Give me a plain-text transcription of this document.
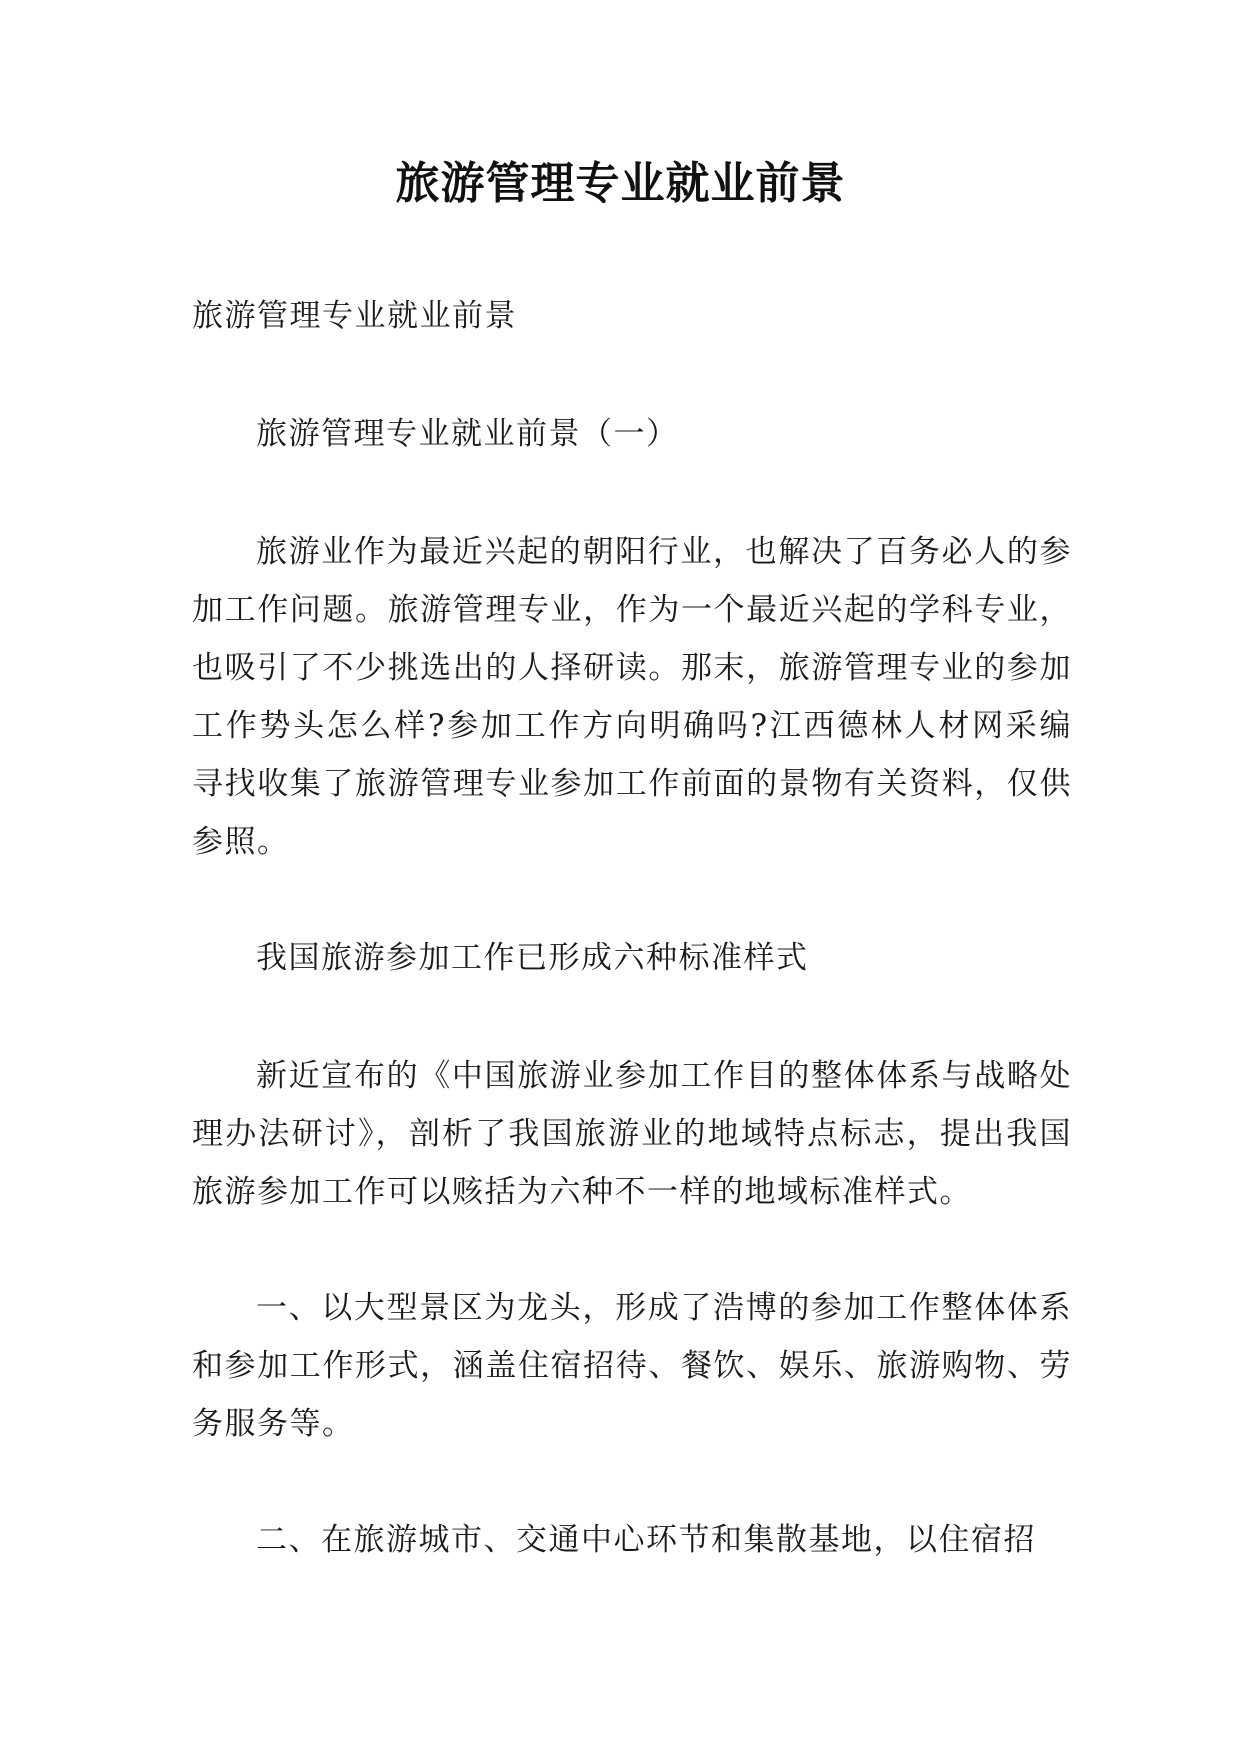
旅游管理专业就业前景

旅游管理专业就业前景

旅游管理专业就业前景（一）

旅游业作为最近兴起的朝阳行业，也解决了百务必人的参加工作问题。旅游管理专业，作为一个最近兴起的学科专业，也吸引了不少挑选出的人择研读。那末，旅游管理专业的参加工作势头怎么样?参加工作方向明确吗?江西德林人材网采编寻找收集了旅游管理专业参加工作前面的景物有关资料，仅供参照。

我国旅游参加工作已形成六种标准样式

新近宣布的《中国旅游业参加工作目的整体体系与战略处理办法研讨》，剖析了我国旅游业的地域特点标志，提出我国旅游参加工作可以赅括为六种不一样的地域标准样式。

一、以大型景区为龙头，形成了浩博的参加工作整体体系和参加工作形式，涵盖住宿招待、餐饮、娱乐、旅游购物、劳务服务等。

二、在旅游城市、交通中心环节和集散基地，以住宿招
